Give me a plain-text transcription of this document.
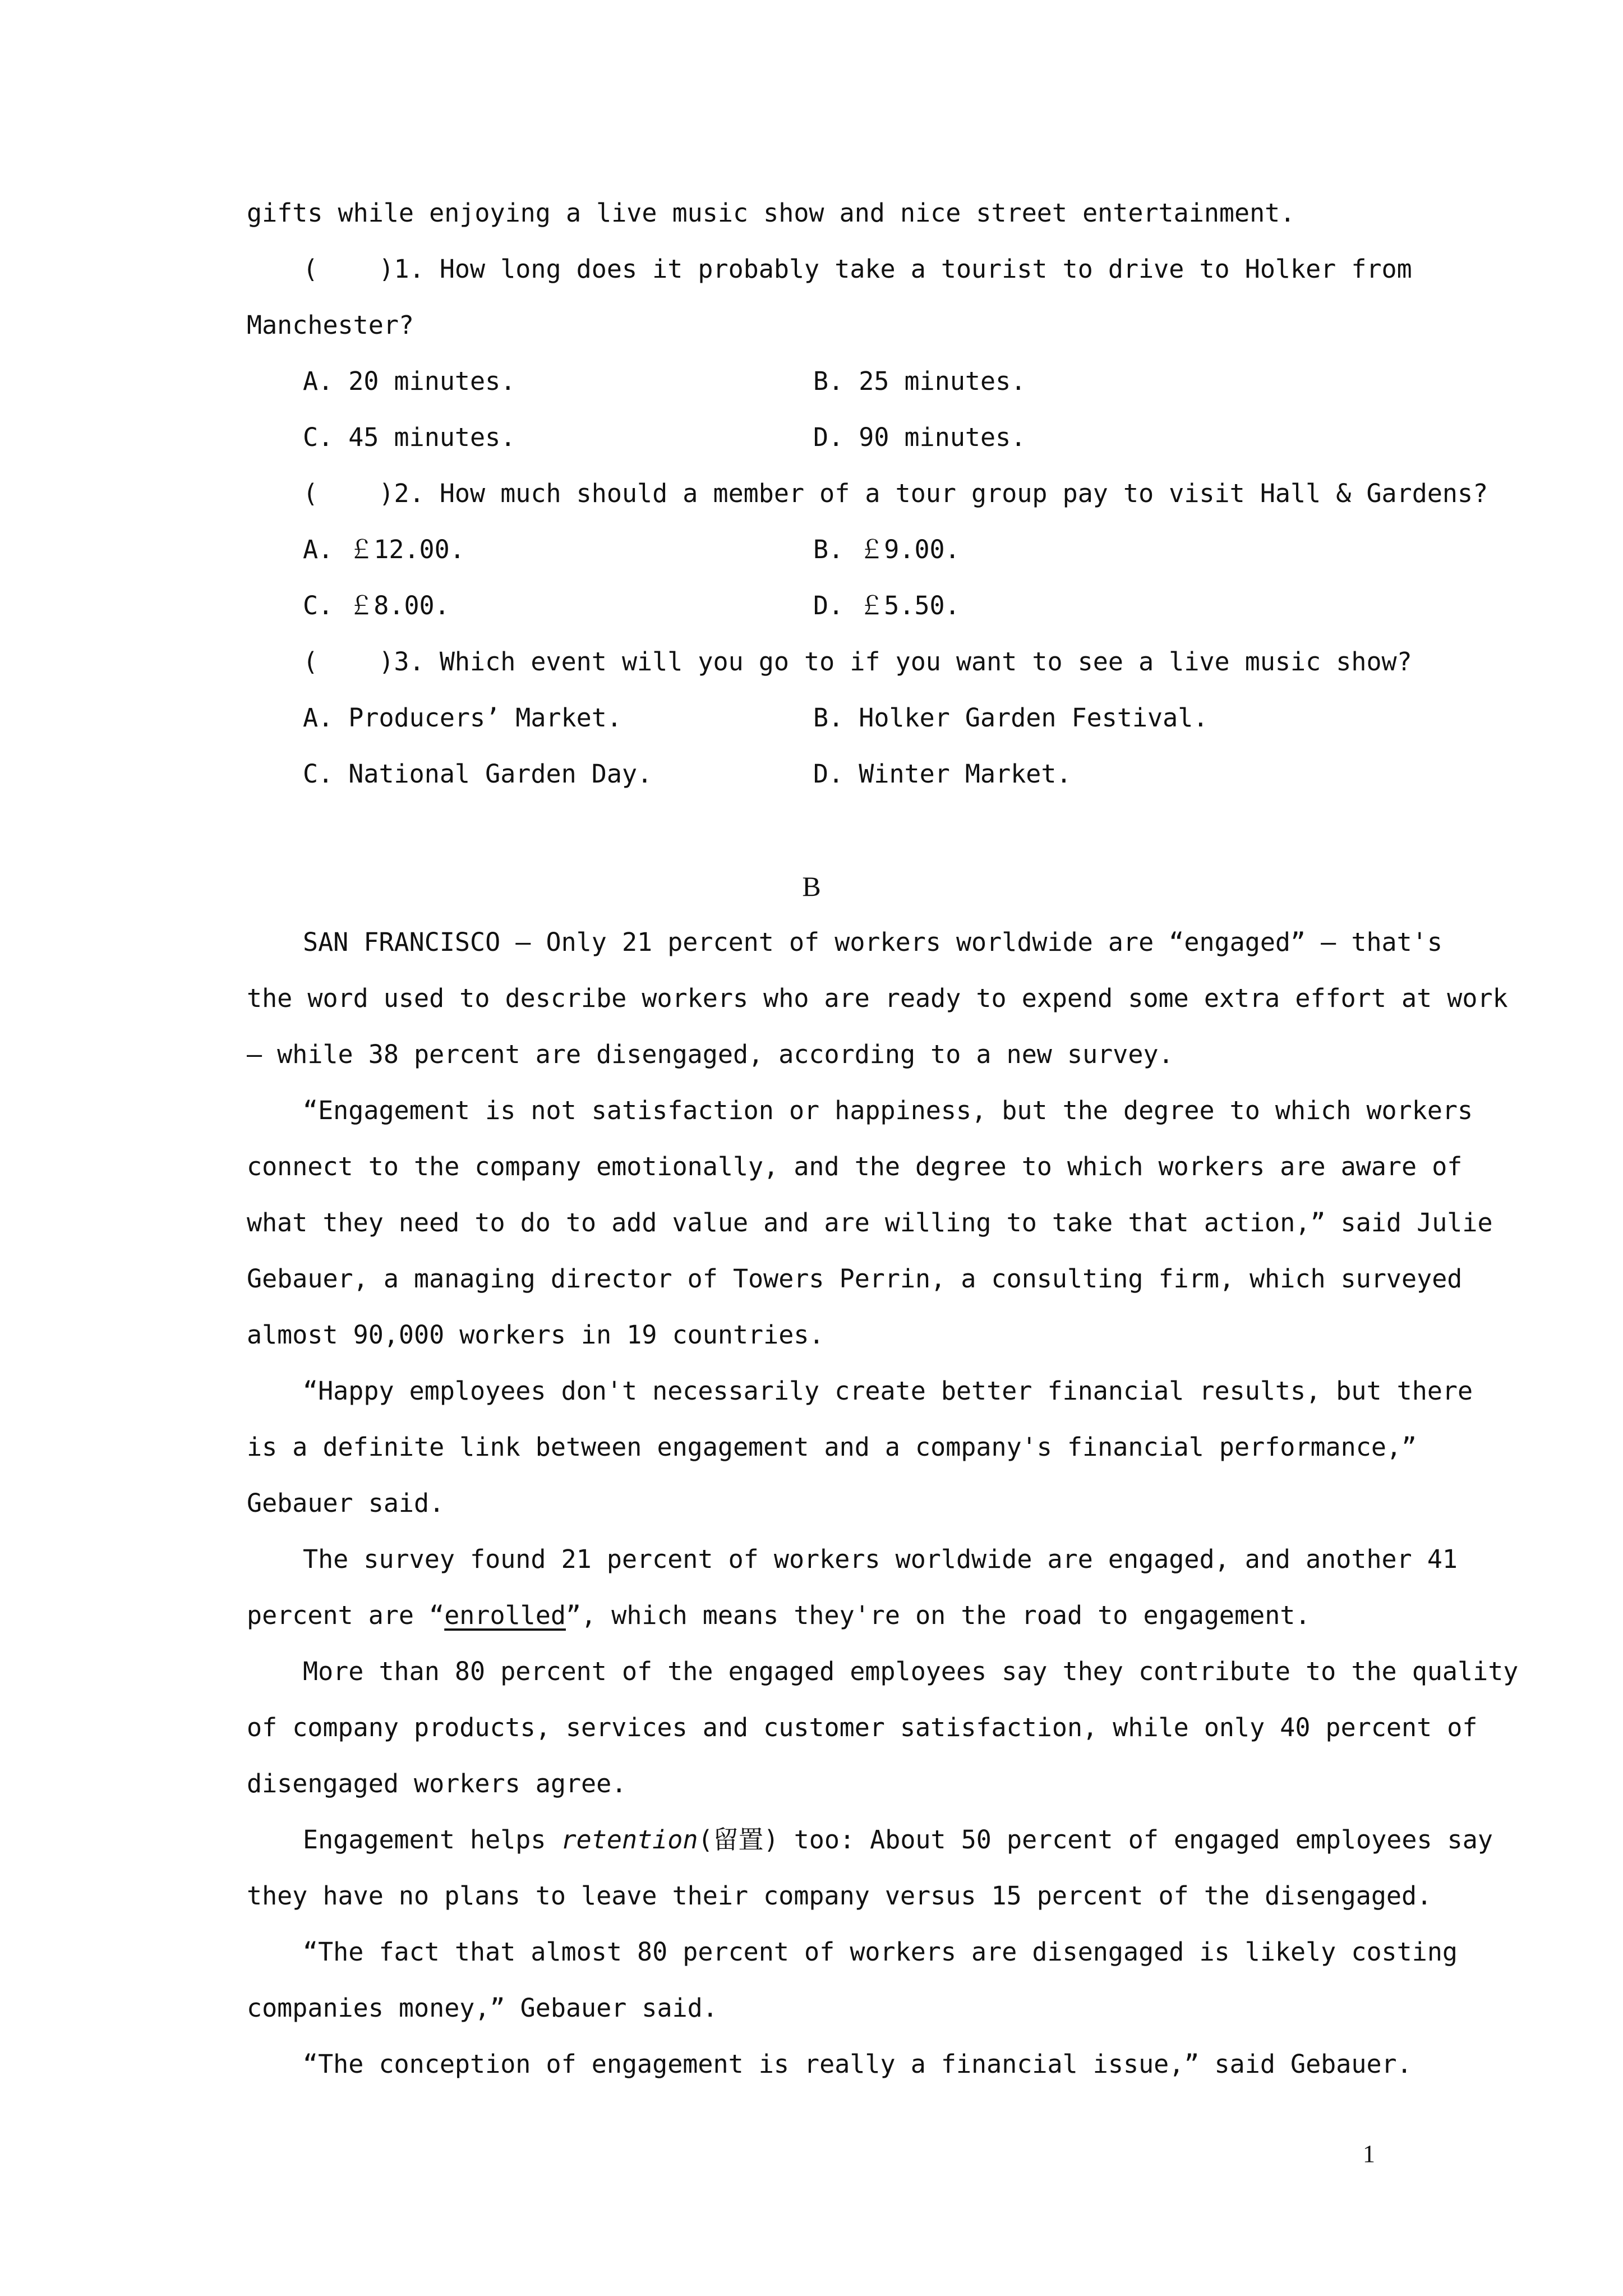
gifts while enjoying a live music show and nice street entertainment.
(    )1. How long does it probably take a tourist to drive to Holker from
Manchester?
A. 20 minutes.	B. 25 minutes.
C. 45 minutes.	D. 90 minutes.
(    )2. How much should a member of a tour group pay to visit Hall & Gardens?
A. ￡12.00.	B. ￡9.00.
C. ￡8.00.	D. ￡5.50.
(    )3. Which event will you go to if you want to see a live music show?
A. Producers’ Market.	B. Holker Garden Festival.
C. National Garden Day.	D. Winter Market.
B
SAN FRANCISCO — Only 21 percent of workers worldwide are “engaged” — that's
the word used to describe workers who are ready to expend some extra effort at work
— while 38 percent are disengaged, according to a new survey.
“Engagement is not satisfaction or happiness, but the degree to which workers
connect to the company emotionally, and the degree to which workers are aware of
what they need to do to add value and are willing to take that action,” said Julie
Gebauer, a managing director of Towers Perrin, a consulting firm, which surveyed
almost 90,000 workers in 19 countries.
“Happy employees don't necessarily create better financial results, but there
is a definite link between engagement and a company's financial performance,”
Gebauer said.
The survey found 21 percent of workers worldwide are engaged, and another 41
percent are “enrolled”, which means they're on the road to engagement.
More than 80 percent of the engaged employees say they contribute to the quality
of company products, services and customer satisfaction, while only 40 percent of
disengaged workers agree.
Engagement helps retention(留置) too: About 50 percent of engaged employees say
they have no plans to leave their company versus 15 percent of the disengaged.
“The fact that almost 80 percent of workers are disengaged is likely costing
companies money,” Gebauer said.
“The conception of engagement is really a financial issue,” said Gebauer.
1
